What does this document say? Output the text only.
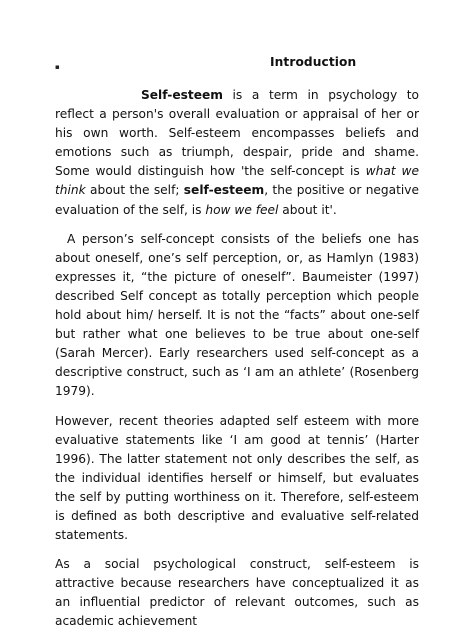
▪	Introduction

Self-esteem is a term in psychology to reflect a person's overall evaluation or appraisal of her or his own worth. Self-esteem encompasses beliefs and emotions such as triumph, despair, pride and shame. Some would distinguish how 'the self-concept is what we think about the self; self-esteem, the positive or negative evaluation of the self, is how we feel about it'.

A person’s self-concept consists of the beliefs one has about oneself, one’s self perception, or, as Hamlyn (1983) expresses it, “the picture of oneself”. Baumeister (1997) described Self concept as totally perception which people hold about him/ herself. It is not the “facts” about one-self but rather what one believes to be true about one-self (Sarah Mercer). Early researchers used self-concept as a descriptive construct, such as ‘I am an athlete’ (Rosenberg 1979).

However, recent theories adapted self esteem with more evaluative statements like ‘I am good at tennis’ (Harter 1996). The latter statement not only describes the self, as the individual identifies herself or himself, but evaluates the self by putting worthiness on it. Therefore, self-esteem is defined as both descriptive and evaluative self-related statements.

As a social psychological construct, self-esteem is attractive because researchers have conceptualized it as an influential predictor of relevant outcomes, such as academic achievement
